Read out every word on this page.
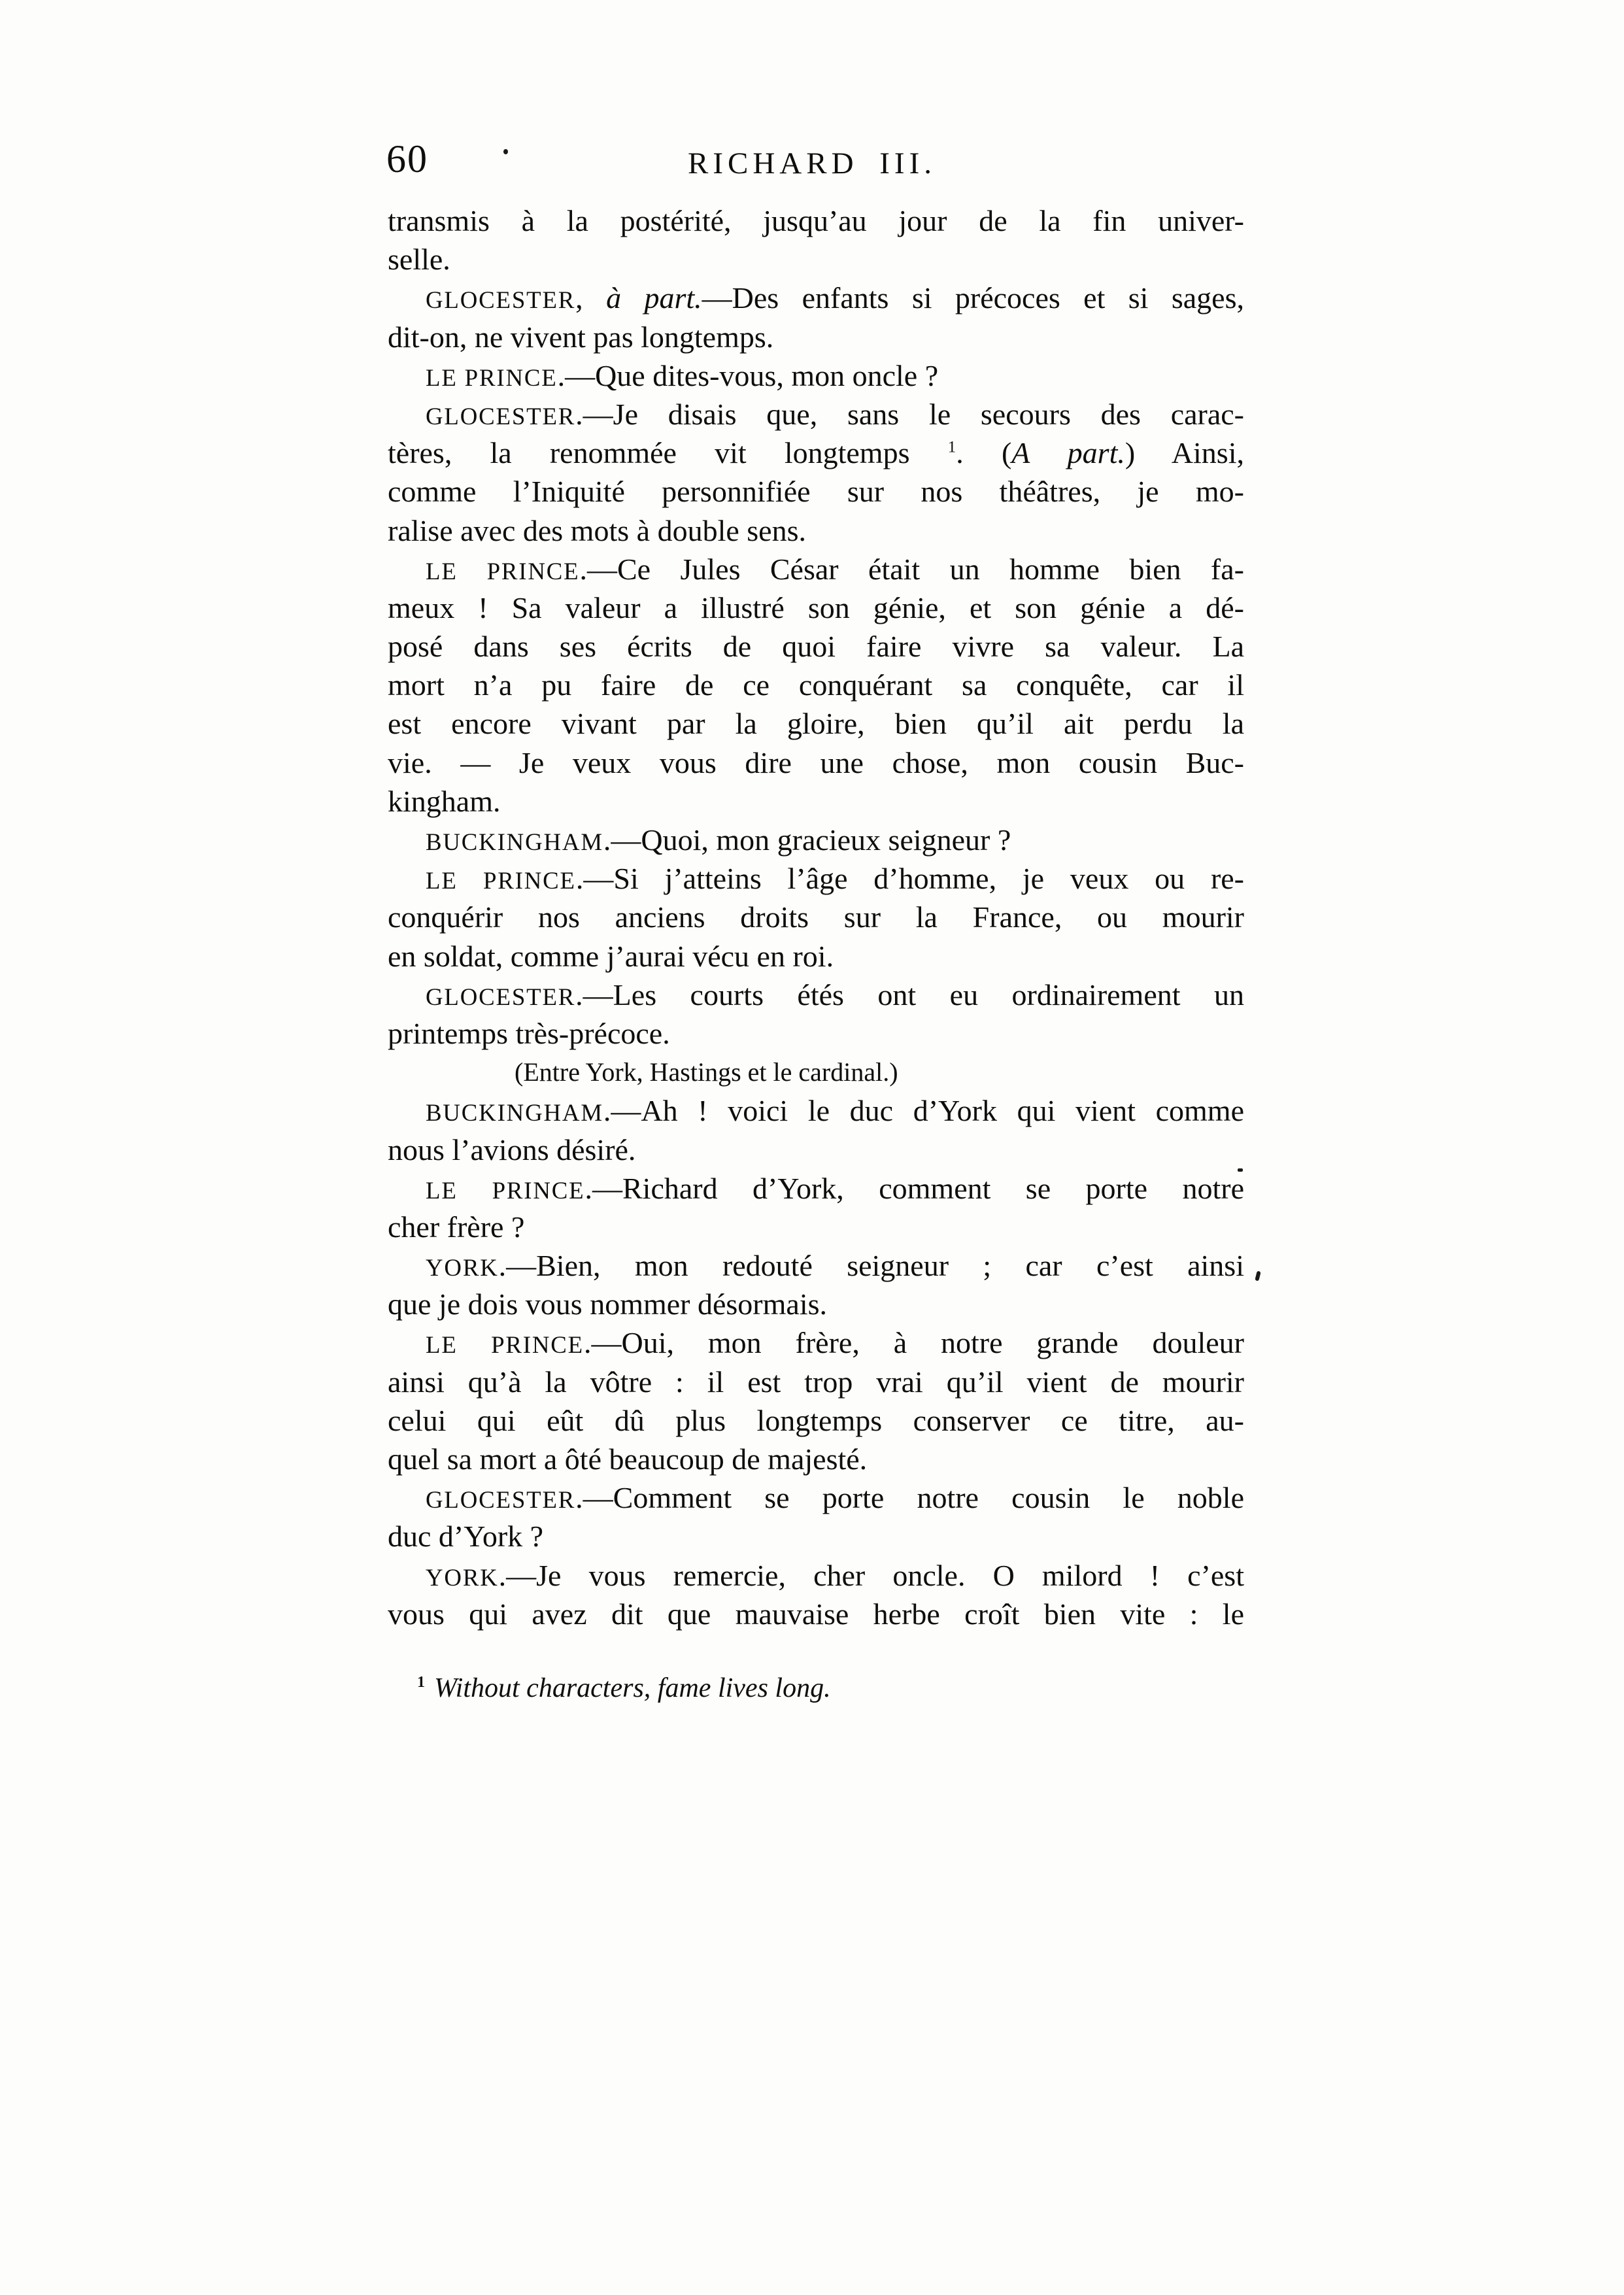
60	RICHARD III.
transmis à la postérité, jusqu’au jour de la fin univer-
selle.
GLOCESTER, à part.—Des enfants si précoces et si sages,
dit-on, ne vivent pas longtemps.
LE PRINCE.—Que dites-vous, mon oncle ?
GLOCESTER.—Je disais que, sans le secours des carac-
tères, la renommée vit longtemps $^1$. (A part.) Ainsi,
comme l’Iniquité personnifiée sur nos théâtres, je mo-
ralise avec des mots à double sens.
LE PRINCE.—Ce Jules César était un homme bien fa-
meux ! Sa valeur a illustré son génie, et son génie a dé-
posé dans ses écrits de quoi faire vivre sa valeur. La
mort n’a pu faire de ce conquérant sa conquête, car il
est encore vivant par la gloire, bien qu’il ait perdu la
vie. — Je veux vous dire une chose, mon cousin Buc-
kingham.
BUCKINGHAM.—Quoi, mon gracieux seigneur ?
LE PRINCE.—Si j’atteins l’âge d’homme, je veux ou re-
conquérir nos anciens droits sur la France, ou mourir
en soldat, comme j’aurai vécu en roi.
GLOCESTER.—Les courts étés ont eu ordinairement un
printemps très-précoce.
(Entre York, Hastings et le cardinal.)
BUCKINGHAM.—Ah ! voici le duc d’York qui vient comme
nous l’avions désiré.
LE PRINCE.—Richard d’York, comment se porte notre
cher frère ?
YORK.—Bien, mon redouté seigneur ; car c’est ainsi
que je dois vous nommer désormais.
LE PRINCE.—Oui, mon frère, à notre grande douleur
ainsi qu’à la vôtre : il est trop vrai qu’il vient de mourir
celui qui eût dû plus longtemps conserver ce titre, au-
quel sa mort a ôté beaucoup de majesté.
GLOCESTER.—Comment se porte notre cousin le noble
duc d’York ?
YORK.—Je vous remercie, cher oncle. O milord ! c’est
vous qui avez dit que mauvaise herbe croît bien vite : le
$^1$ Without characters, fame lives long.
